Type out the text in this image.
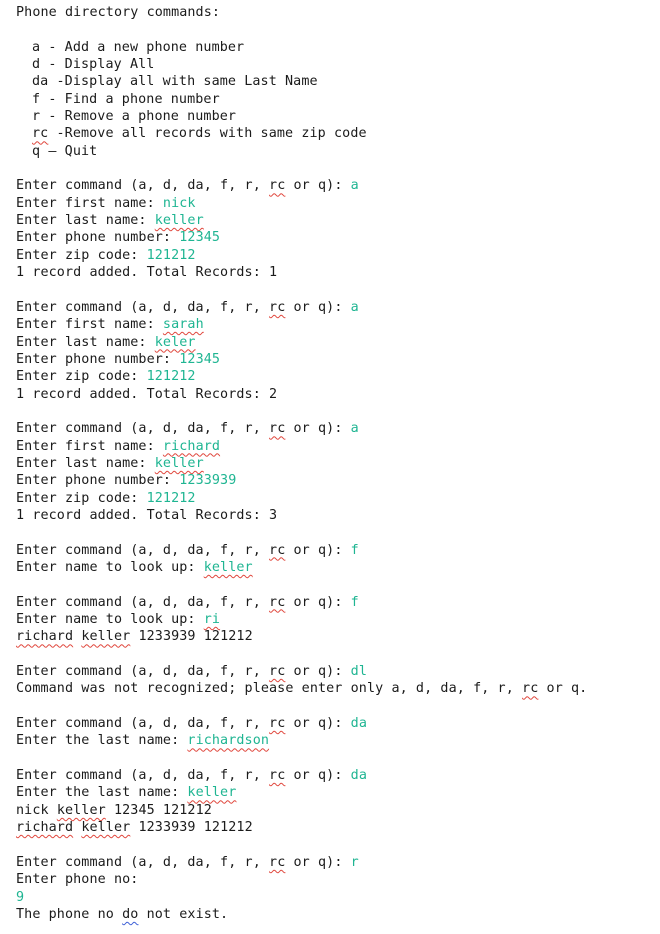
Phone directory commands:
a - Add a new phone number
d - Display All
da -Display all with same Last Name
f - Find a phone number
r - Remove a phone number
rc -Remove all records with same zip code
q – Quit
Enter command (a, d, da, f, r, rc or q): a
Enter first name: nick
Enter last name: keller
Enter phone number: 12345
Enter zip code: 121212
1 record added. Total Records: 1
Enter command (a, d, da, f, r, rc or q): a
Enter first name: sarah
Enter last name: keler
Enter phone number: 12345
Enter zip code: 121212
1 record added. Total Records: 2
Enter command (a, d, da, f, r, rc or q): a
Enter first name: richard
Enter last name: keller
Enter phone number: 1233939
Enter zip code: 121212
1 record added. Total Records: 3
Enter command (a, d, da, f, r, rc or q): f
Enter name to look up: keller
Enter command (a, d, da, f, r, rc or q): f
Enter name to look up: ri
richard keller 1233939 121212
Enter command (a, d, da, f, r, rc or q): dl
Command was not recognized; please enter only a, d, da, f, r, rc or q.
Enter command (a, d, da, f, r, rc or q): da
Enter the last name: richardson
Enter command (a, d, da, f, r, rc or q): da
Enter the last name: keller
nick keller 12345 121212
richard keller 1233939 121212
Enter command (a, d, da, f, r, rc or q): r
Enter phone no:
9
The phone no do not exist.
